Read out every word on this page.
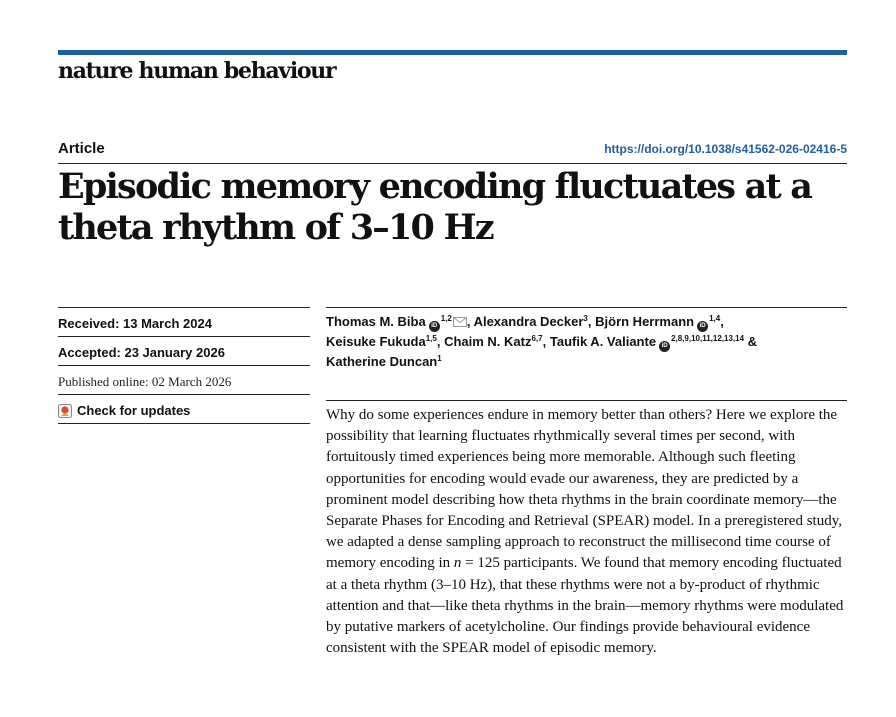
nature human behaviour
Article	https://doi.org/10.1038/s41562-026-02416-5
Episodic memory encoding fluctuates at a
theta rhythm of 3–10 Hz
Received: 13 March 2024
Accepted: 23 January 2026
Published online: 02 March 2026
Check for updates
Thomas M. Biba iD$^{1,2}$ , Alexandra Decker$^3$, Björn Herrmann iD$^{1,4}$,
Keisuke Fukuda$^{1,5}$, Chaim N. Katz$^{6,7}$, Taufik A. Valiante iD$^{2,8,9,10,11,12,13,14}$ &
Katherine Duncan$^1$

Why do some experiences endure in memory better than others? Here we explore the possibility that learning fluctuates rhythmically several times per second, with fortuitously timed experiences being more memorable. Although such fleeting opportunities for encoding would evade our awareness, they are predicted by a prominent model describing how theta rhythms in the brain coordinate memory—the Separate Phases for Encoding and Retrieval (SPEAR) model. In a preregistered study, we adapted a dense sampling approach to reconstruct the millisecond time course of memory encoding in n = 125 participants. We found that memory encoding fluctuated at a theta rhythm (3–10 Hz), that these rhythms were not a by-product of rhythmic attention and that—like theta rhythms in the brain—memory rhythms were modulated by putative markers of acetylcholine. Our findings provide behavioural evidence consistent with the SPEAR model of episodic memory.
